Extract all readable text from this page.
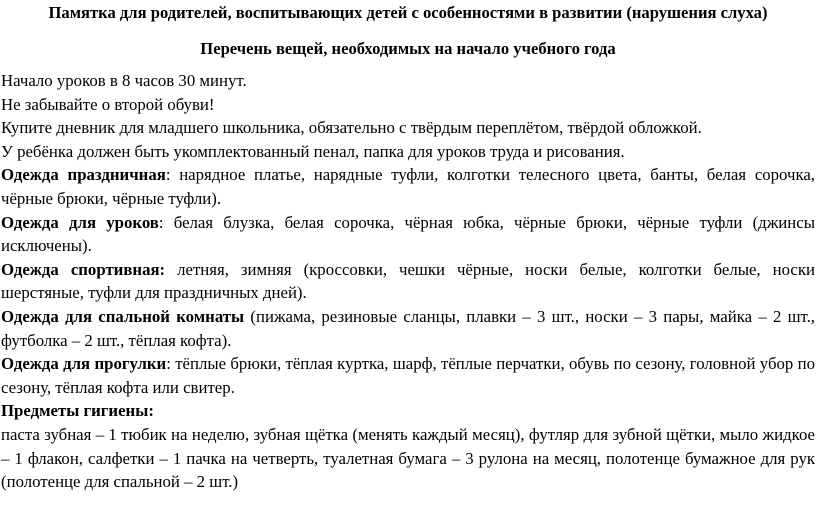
Памятка для родителей, воспитывающих детей с особенностями в развитии (нарушения слуха)
Перечень вещей, необходимых на начало учебного года

Начало уроков в 8 часов 30 минут.

Не забывайте о второй обуви!

Купите дневник для младшего школьника, обязательно с твёрдым переплётом, твёрдой обложкой.

У ребёнка должен быть укомплектованный пенал, папка для уроков труда и рисования.

Одежда праздничная: нарядное платье, нарядные туфли, колготки телесного цвета, банты, белая сорочка, чёрные брюки, чёрные туфли).

Одежда для уроков: белая блузка, белая сорочка, чёрная юбка, чёрные брюки, чёрные туфли (джинсы исключены).

Одежда спортивная: летняя, зимняя (кроссовки, чешки чёрные, носки белые, колготки белые, носки шерстяные, туфли для праздничных дней).

Одежда для спальной комнаты (пижама, резиновые сланцы, плавки – 3 шт., носки – 3 пары, майка – 2 шт., футболка – 2 шт., тёплая кофта).

Одежда для прогулки: тёплые брюки, тёплая куртка, шарф, тёплые перчатки, обувь по сезону, головной убор по сезону, тёплая кофта или свитер.

Предметы гигиены:

паста зубная – 1 тюбик на неделю, зубная щётка (менять каждый месяц), футляр для зубной щётки, мыло жидкое – 1 флакон, салфетки – 1 пачка на четверть, туалетная бумага – 3 рулона на месяц, полотенце бумажное для рук (полотенце для спальной – 2 шт.)
